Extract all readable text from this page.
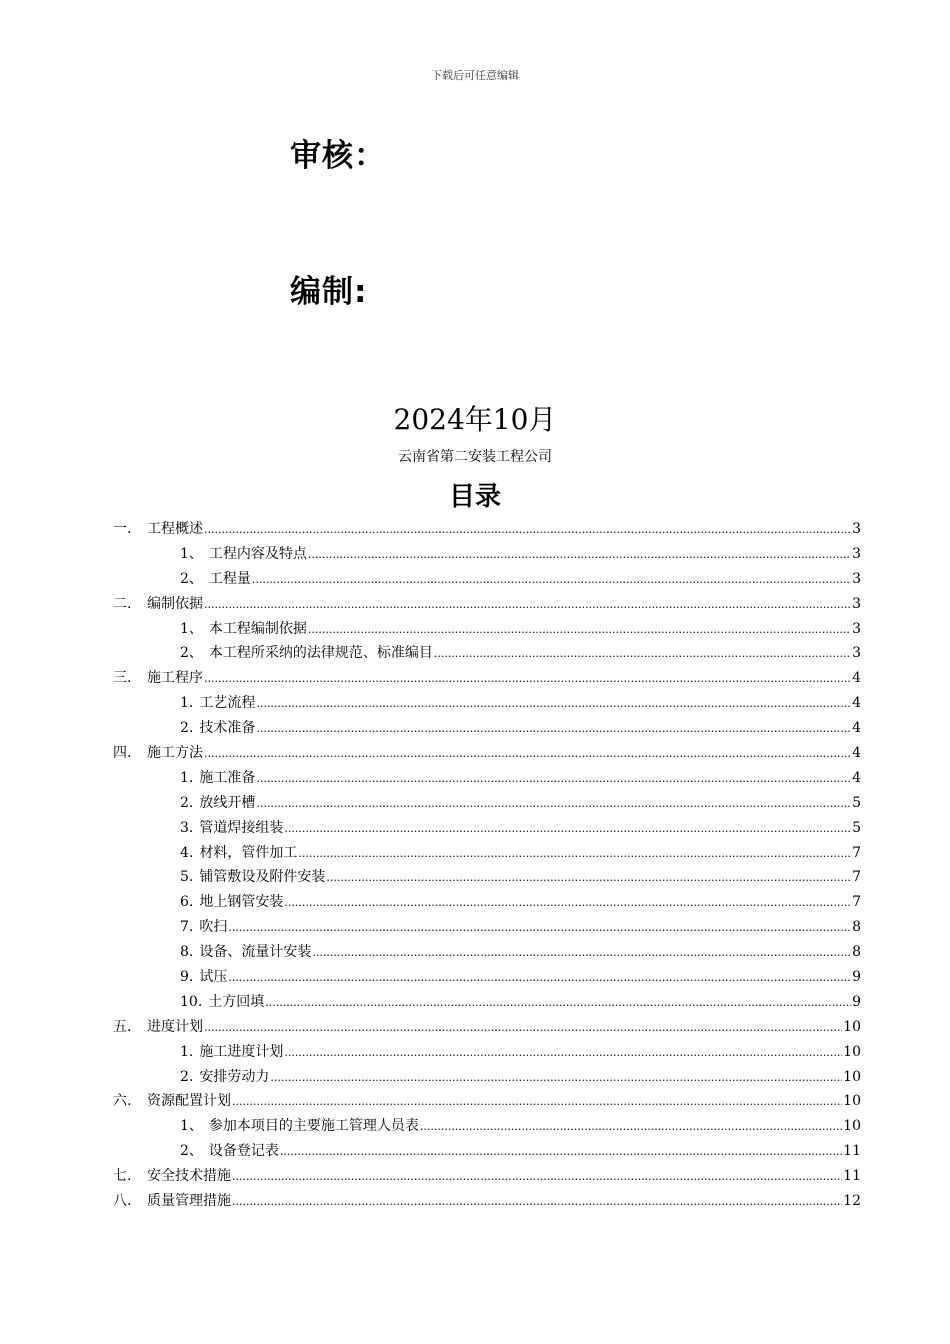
下载后可任意编辑
审核：
编制:
2024年10月
云南省第二安装工程公司
目录
一.	工程概述 .....	3
1、 工程内容及特点 .....	3
2、 工程量 .....	3
二.	编制依据 .....	3
1、 本工程编制依据 .....	3
2、 本工程所采纳的法律规范、标准编目 .....	3
三.	施工程序 .....	4
1. 工艺流程 .....	4
2. 技术准备 .....	4
四.	施工方法 .....	4
1. 施工准备 .....	4
2. 放线开槽 .....	5
3. 管道焊接组装 .....	5
4. 材料，管件加工 .....	7
5. 铺管敷设及附件安装 .....	7
6. 地上钢管安装 .....	7
7. 吹扫 .....	8
8. 设备、流量计安装 .....	8
9. 试压 .....	9
10. 土方回填 .....	9
五.	进度计划 .....	10
1. 施工进度计划 .....	10
2. 安排劳动力 .....	10
六.	资源配置计划 .....	10
1、 参加本项目的主要施工管理人员表 .....	10
2、 设备登记表 .....	11
七.	安全技术措施 .....	11
八.	质量管理措施 .....	12
